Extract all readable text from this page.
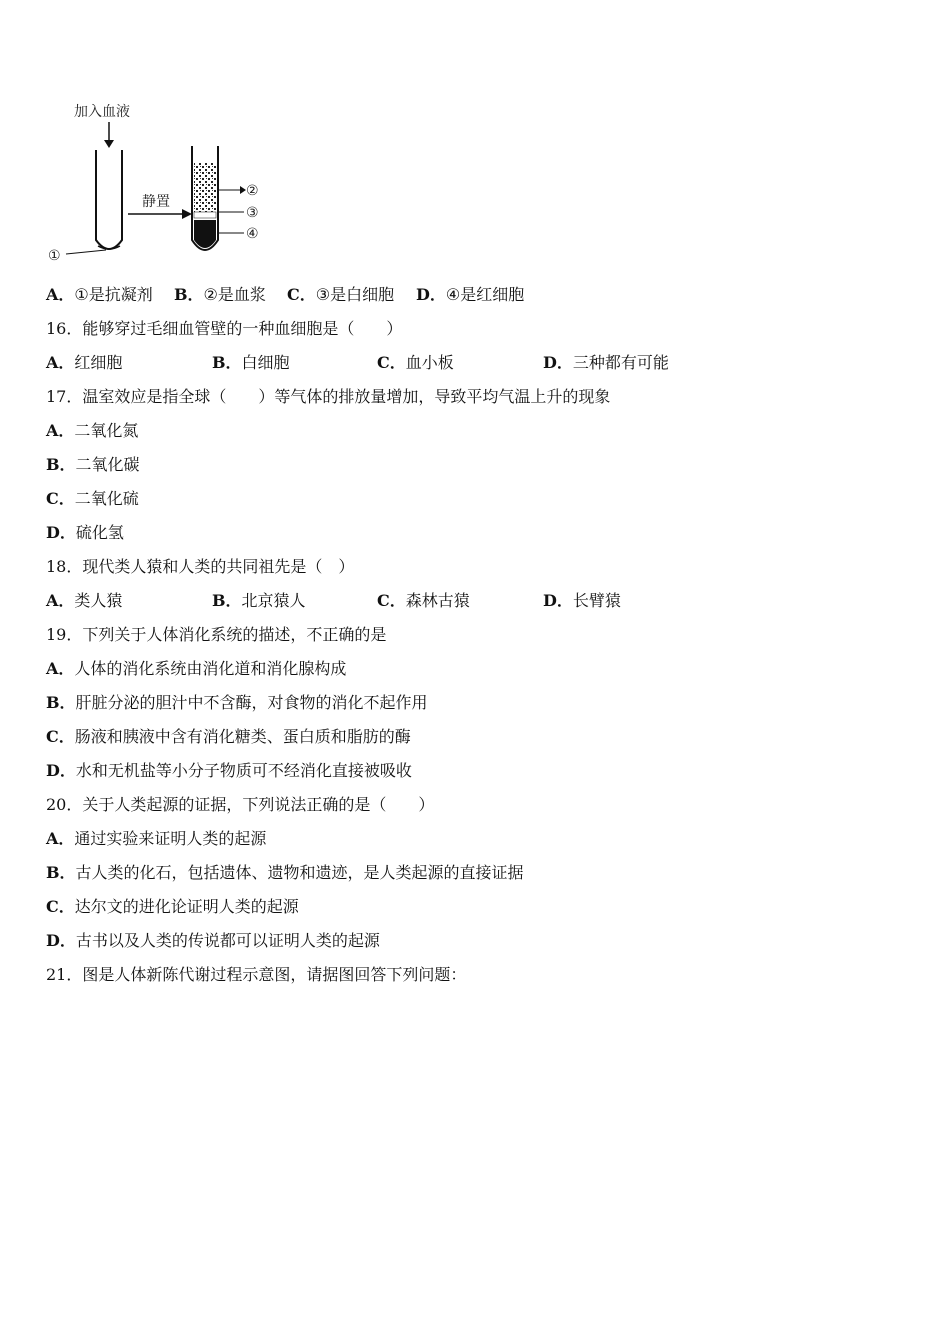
加入血液
①
静置
②
③
④
A．①是抗凝剂 B．②是血浆 C．③是白细胞 D．④是红细胞
16．能够穿过毛细血管壁的一种血细胞是（　　）
A．红细胞	B．白细胞	C．血小板	D．三种都有可能
17．温室效应是指全球（　　）等气体的排放量增加，导致平均气温上升的现象
A．二氧化氮
B．二氧化碳
C．二氧化硫
D．硫化氢
18．现代类人猿和人类的共同祖先是（　）
A．类人猿	B．北京猿人	C．森林古猿	D．长臂猿
19．下列关于人体消化系统的描述，不正确的是
A．人体的消化系统由消化道和消化腺构成
B．肝脏分泌的胆汁中不含酶，对食物的消化不起作用
C．肠液和胰液中含有消化糖类、蛋白质和脂肪的酶
D．水和无机盐等小分子物质可不经消化直接被吸收
20．关于人类起源的证据，下列说法正确的是（　　）
A．通过实验来证明人类的起源
B．古人类的化石，包括遗体、遗物和遗迹，是人类起源的直接证据
C．达尔文的进化论证明人类的起源
D．古书以及人类的传说都可以证明人类的起源
21．图是人体新陈代谢过程示意图，请据图回答下列问题：
